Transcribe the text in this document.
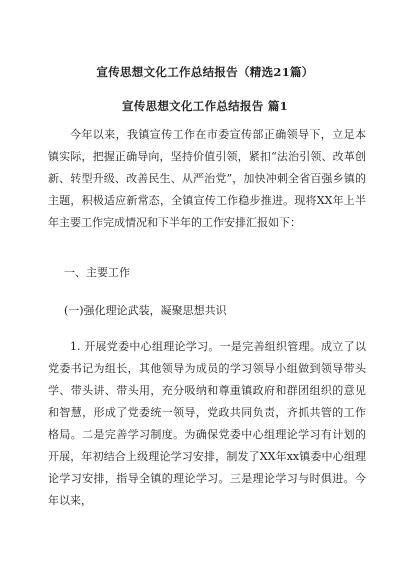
宣传思想文化工作总结报告（精选21篇）
宣传思想文化工作总结报告 篇1
今年以来，我镇宣传工作在市委宣传部正确领导下，立足本镇实际，把握正确导向，坚持价值引领，紧扣“法治引领、改革创新、转型升级、改善民生、从严治党”，加快冲刺全省百强乡镇的主题，积极适应新常态，全镇宣传工作稳步推进。现将XX年上半年主要工作完成情况和下半年的工作安排汇报如下：
一、主要工作
(一)强化理论武装，凝聚思想共识
1. 开展党委中心组理论学习。一是完善组织管理。成立了以党委书记为组长，其他领导为成员的学习领导小组做到领导带头学、带头讲、带头用，充分吸纳和尊重镇政府和群团组织的意见和智慧，形成了党委统一领导，党政共同负责，齐抓共管的工作格局。二是完善学习制度。为确保党委中心组理论学习有计划的开展，年初结合上级理论学习安排，制发了XX年xx镇委中心组理论学习安排，指导全镇的理论学习。三是理论学习与时俱进。今年以来，
